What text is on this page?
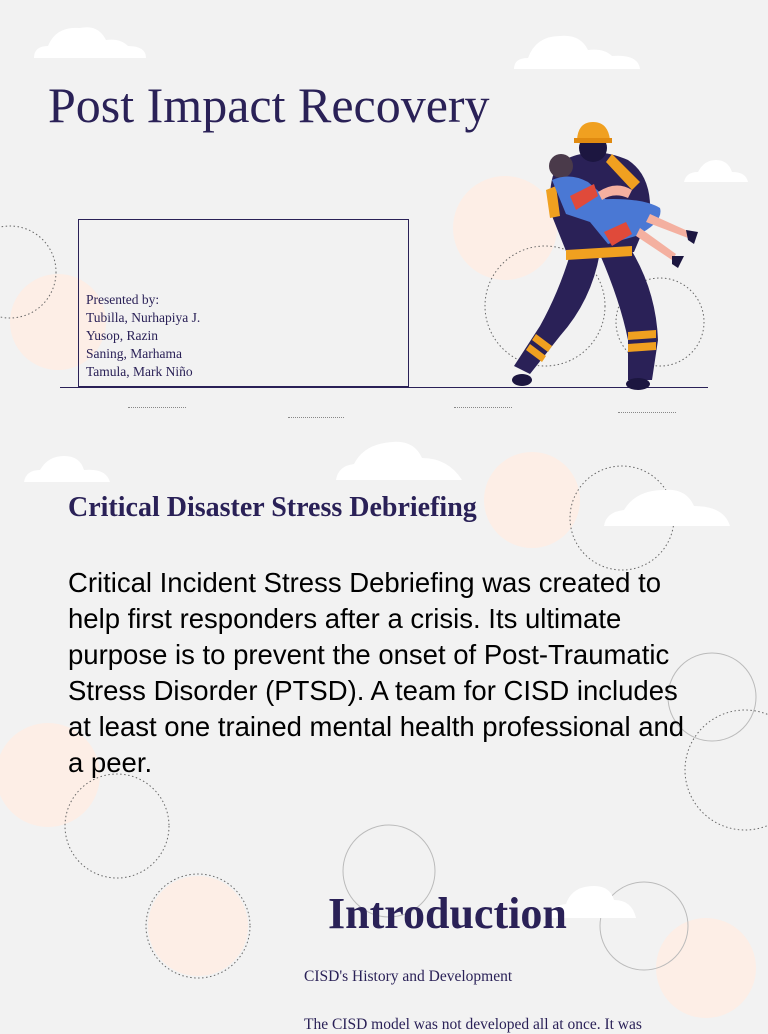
Post Impact Recovery
Presented by:
Tubilla, Nurhapiya J.
Yusop, Razin
Saning, Marhama
Tamula, Mark Niño
Critical Disaster Stress Debriefing

Critical Incident Stress Debriefing was created to help first responders after a crisis. Its ultimate purpose is to prevent the onset of Post-Traumatic Stress Disorder (PTSD). A team for CISD includes at least one trained mental health professional and a peer.

Introduction
CISD's History and Development
The CISD model was not developed all at once. It was
